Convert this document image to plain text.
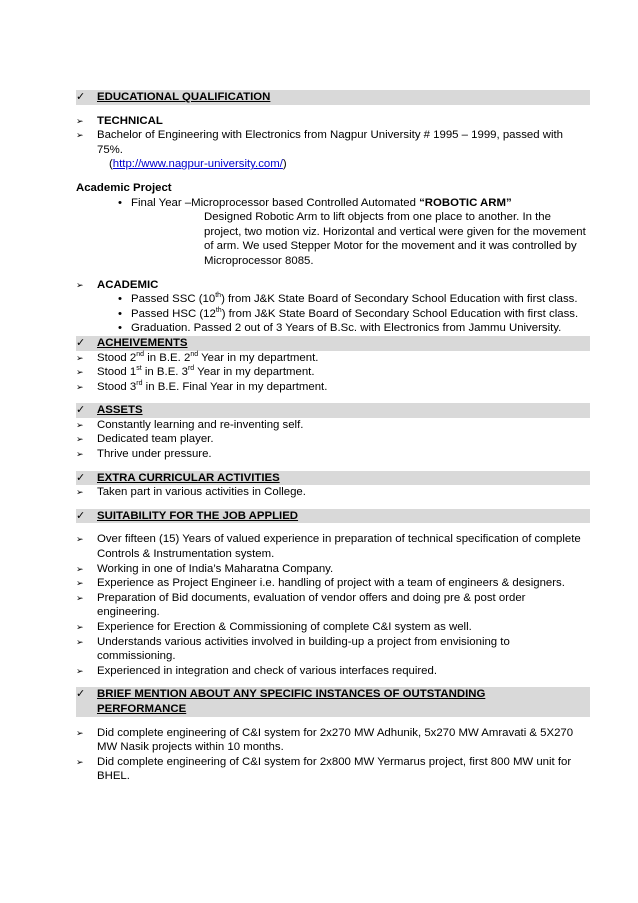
✓ EDUCATIONAL QUALIFICATION
➢ TECHNICAL
➢ Bachelor of Engineering with Electronics from Nagpur University # 1995 – 1999, passed with 75%.
(http://www.nagpur-university.com/)
Academic Project
• Final Year –Microprocessor based Controlled Automated “ROBOTIC ARM”
Designed Robotic Arm to lift objects from one place to another. In the project, two motion viz. Horizontal and vertical were given for the movement of arm. We used Stepper Motor for the movement and it was controlled by Microprocessor 8085.
➢ ACADEMIC
• Passed SSC (10th) from J&K State Board of Secondary School Education with first class.
• Passed HSC (12th) from J&K State Board of Secondary School Education with first class.
• Graduation. Passed 2 out of 3 Years of B.Sc. with Electronics from Jammu University.
✓ ACHEIVEMENTS
➢ Stood 2nd in B.E. 2nd Year in my department.
➢ Stood 1st in B.E. 3rd Year in my department.
➢ Stood 3rd in B.E. Final Year in my department.
✓ ASSETS
➢ Constantly learning and re-inventing self.
➢ Dedicated team player.
➢ Thrive under pressure.
✓ EXTRA CURRICULAR ACTIVITIES
➢ Taken part in various activities in College.
✓ SUITABILITY FOR THE JOB APPLIED
➢ Over fifteen (15) Years of valued experience in preparation of technical specification of complete Controls & Instrumentation system.
➢ Working in one of India’s Maharatna Company.
➢ Experience as Project Engineer i.e. handling of project with a team of engineers & designers.
➢ Preparation of Bid documents, evaluation of vendor offers and doing pre & post order engineering.
➢ Experience for Erection & Commissioning of complete C&I system as well.
➢ Understands various activities involved in building-up a project from envisioning to commissioning.
➢ Experienced in integration and check of various interfaces required.
✓ BRIEF MENTION ABOUT ANY SPECIFIC INSTANCES OF OUTSTANDING
PERFORMANCE
➢ Did complete engineering of C&I system for 2x270 MW Adhunik, 5x270 MW Amravati & 5X270 MW Nasik projects within 10 months.
➢ Did complete engineering of C&I system for 2x800 MW Yermarus project, first 800 MW unit for BHEL.
